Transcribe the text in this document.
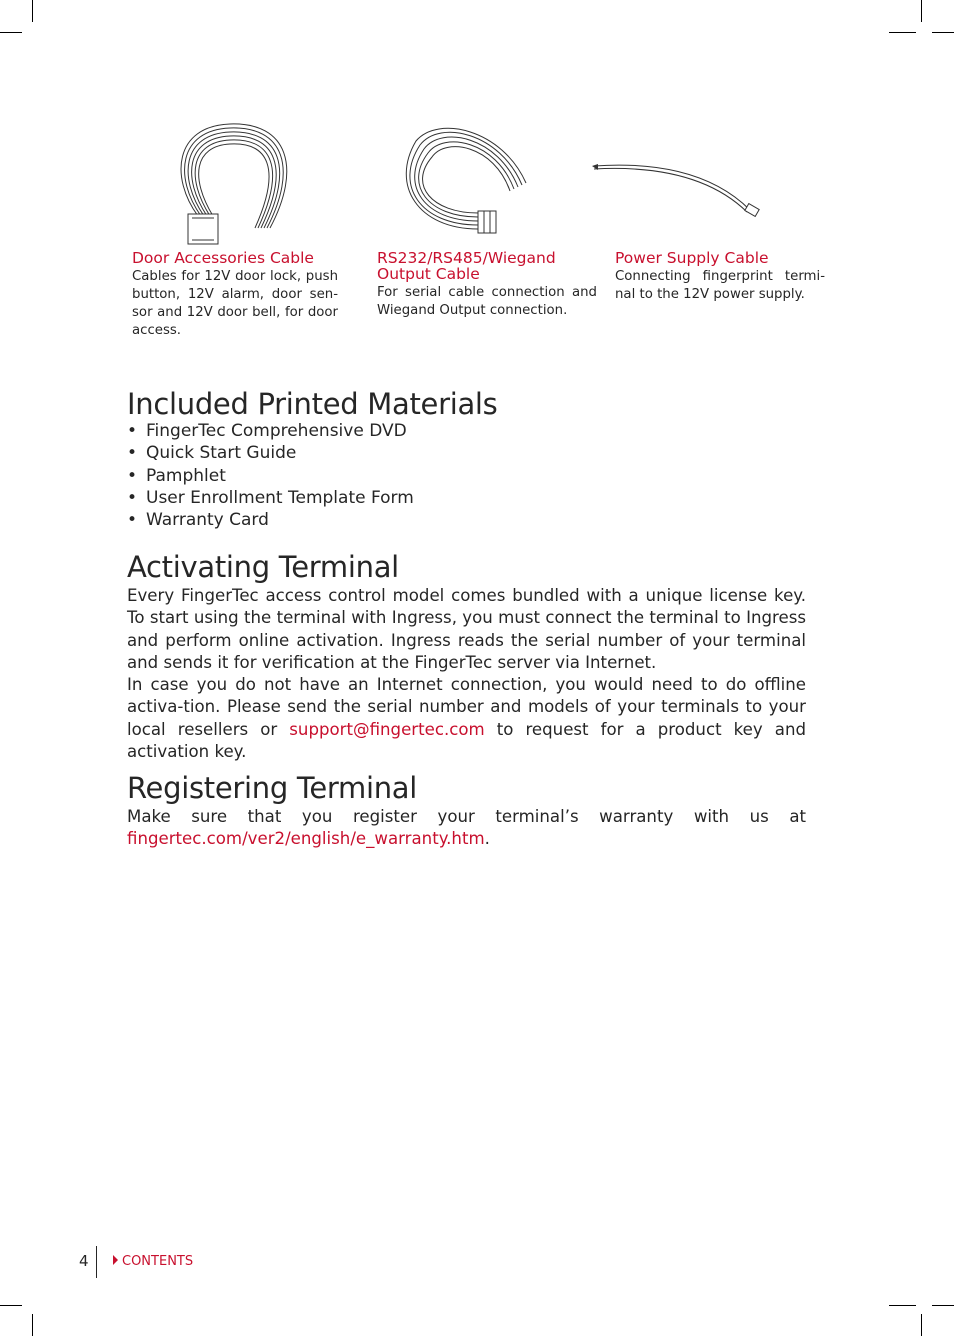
Door Accessories Cable
Cables for 12V door lock, push button, 12V alarm, door sen-sor and 12V door bell, for door access.
RS232/RS485/Wiegand Output Cable
For serial cable connection and Wiegand Output connection.
Power Supply Cable
Connecting fingerprint termi-nal to the 12V power supply.
Included Printed Materials
• FingerTec Comprehensive DVD
• Quick Start Guide
• Pamphlet
• User Enrollment Template Form
• Warranty Card
Activating Terminal

Every FingerTec access control model comes bundled with a unique license key. To start using the terminal with Ingress, you must connect the terminal to Ingress and perform online activation. Ingress reads the serial number of your terminal and sends it for verification at the FingerTec server via Internet.

In case you do not have an Internet connection, you would need to do offline activa-tion. Please send the serial number and models of your terminals to your local resellers or support@fingertec.com to request for a product key and activation key.

Registering Terminal

Make sure that you register your terminal’s warranty with us at fingertec.com/ver2/english/e_warranty.htm.

4	CONTENTS
